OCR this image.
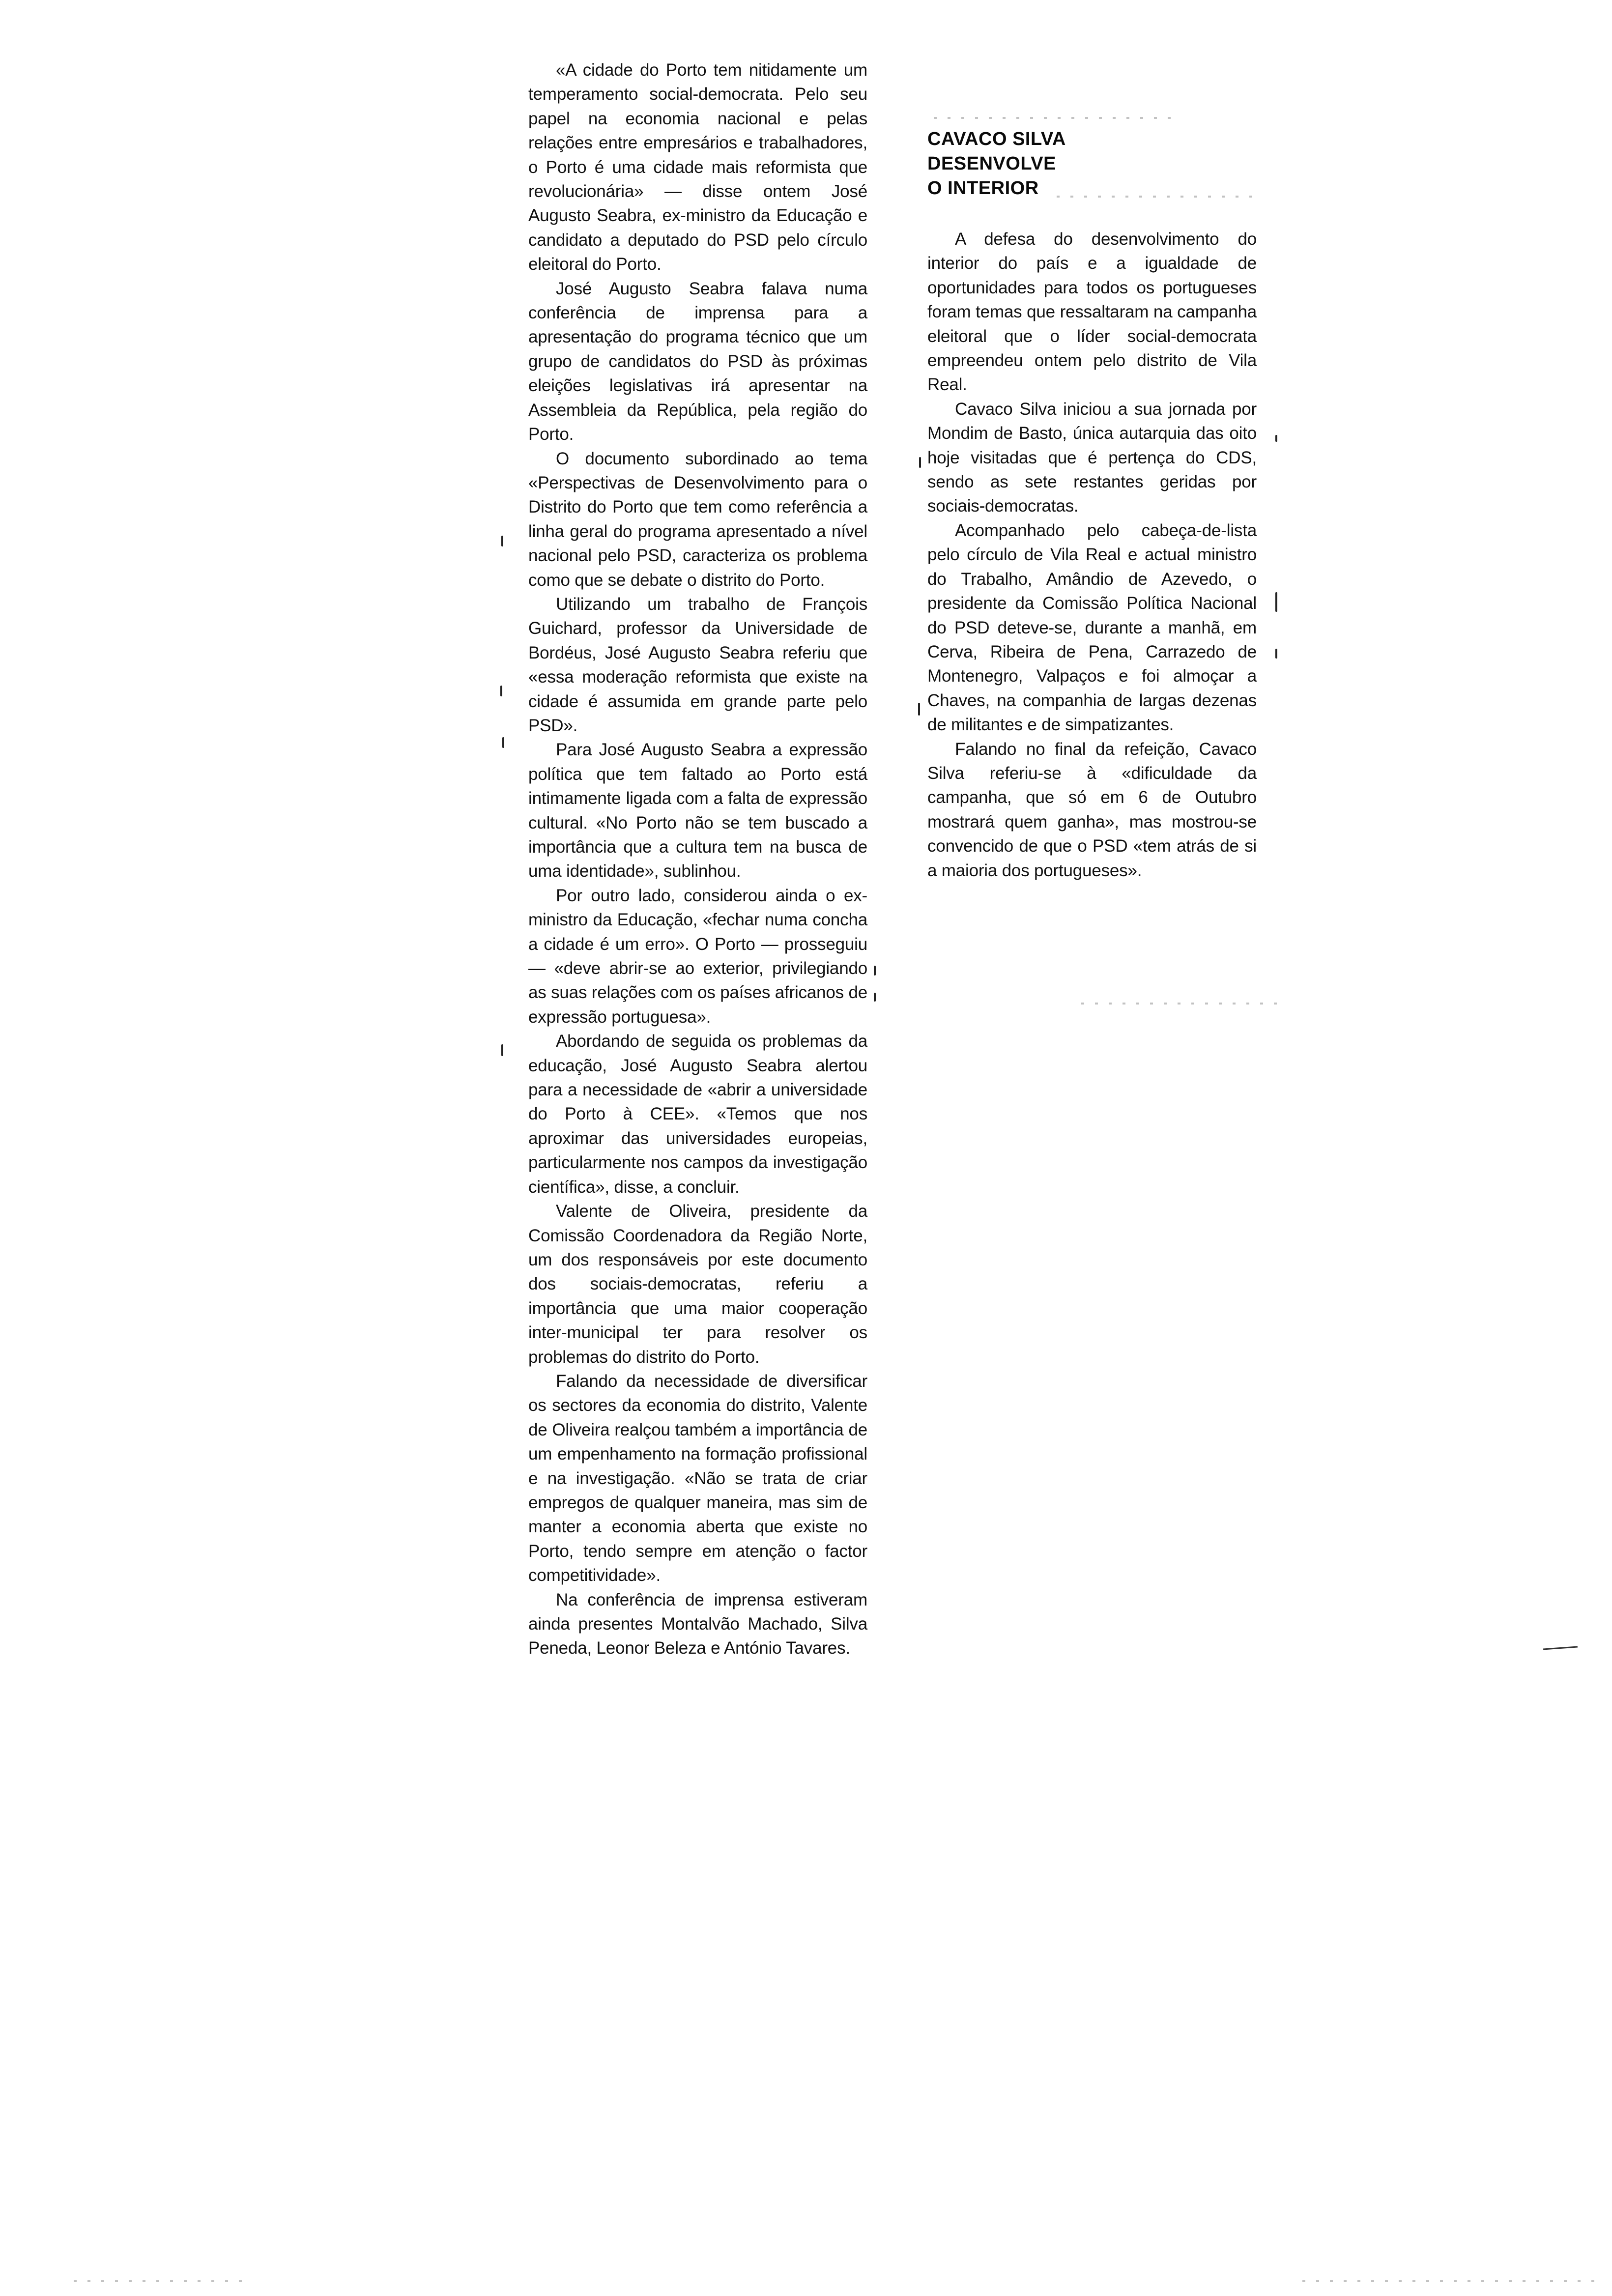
«A cidade do Porto tem nitidamente um temperamento social-democrata. Pelo seu papel na economia nacional e pelas relações entre empresários e trabalhadores, o Porto é uma cidade mais reformista que revolucionária» — disse ontem José Augusto Seabra, ex-ministro da Educação e candidato a deputado do PSD pelo círculo eleitoral do Porto.

José Augusto Seabra falava numa conferência de imprensa para a apresentação do programa técnico que um grupo de candidatos do PSD às próximas eleições legislativas irá apresentar na Assembleia da República, pela região do Porto.

O documento subordinado ao tema «Perspectivas de Desenvolvimento para o Distrito do Porto que tem como referência a linha geral do programa apresentado a nível nacional pelo PSD, caracteriza os problema como que se debate o distrito do Porto.

Utilizando um trabalho de François Guichard, professor da Universidade de Bordéus, José Augusto Seabra referiu que «essa moderação reformista que existe na cidade é assumida em grande parte pelo PSD».

Para José Augusto Seabra a expressão política que tem faltado ao Porto está intimamente ligada com a falta de expressão cultural. «No Porto não se tem buscado a importância que a cultura tem na busca de uma identidade», sublinhou.

Por outro lado, considerou ainda o ex-ministro da Educação, «fechar numa concha a cidade é um erro». O Porto — prosseguiu — «deve abrir-se ao exterior, privilegiando as suas relações com os países africanos de expressão portuguesa».

Abordando de seguida os problemas da educação, José Augusto Seabra alertou para a necessidade de «abrir a universidade do Porto à CEE». «Temos que nos aproximar das universidades europeias, particularmente nos campos da investigação científica», disse, a concluir.

Valente de Oliveira, presidente da Comissão Coordenadora da Região Norte, um dos responsáveis por este documento dos sociais-democratas, referiu a importância que uma maior cooperação inter-municipal ter para resolver os problemas do distrito do Porto.

Falando da necessidade de diversificar os sectores da economia do distrito, Valente de Oliveira realçou também a importância de um empenhamento na formação profissional e na investigação. «Não se trata de criar empregos de qualquer maneira, mas sim de manter a economia aberta que existe no Porto, tendo sempre em atenção o factor competitividade».

Na conferência de imprensa estiveram ainda presentes Montalvão Machado, Silva Peneda, Leonor Beleza e António Tavares.

CAVACO SILVA
DESENVOLVE
O INTERIOR

A defesa do desenvolvimento do interior do país e a igualdade de oportunidades para todos os portugueses foram temas que ressaltaram na campanha eleitoral que o líder social-democrata empreendeu ontem pelo distrito de Vila Real.

Cavaco Silva iniciou a sua jornada por Mondim de Basto, única autarquia das oito hoje visitadas que é pertença do CDS, sendo as sete restantes geridas por sociais-democratas.

Acompanhado pelo cabeça-de-lista pelo círculo de Vila Real e actual ministro do Trabalho, Amândio de Azevedo, o presidente da Comissão Política Nacional do PSD deteve-se, durante a manhã, em Cerva, Ribeira de Pena, Carrazedo de Montenegro, Valpaços e foi almoçar a Chaves, na companhia de largas dezenas de militantes e de simpatizantes.

Falando no final da refeição, Cavaco Silva referiu-se à «dificuldade da campanha, que só em 6 de Outubro mostrará quem ganha», mas mostrou-se convencido de que o PSD «tem atrás de si a maioria dos portugueses».
